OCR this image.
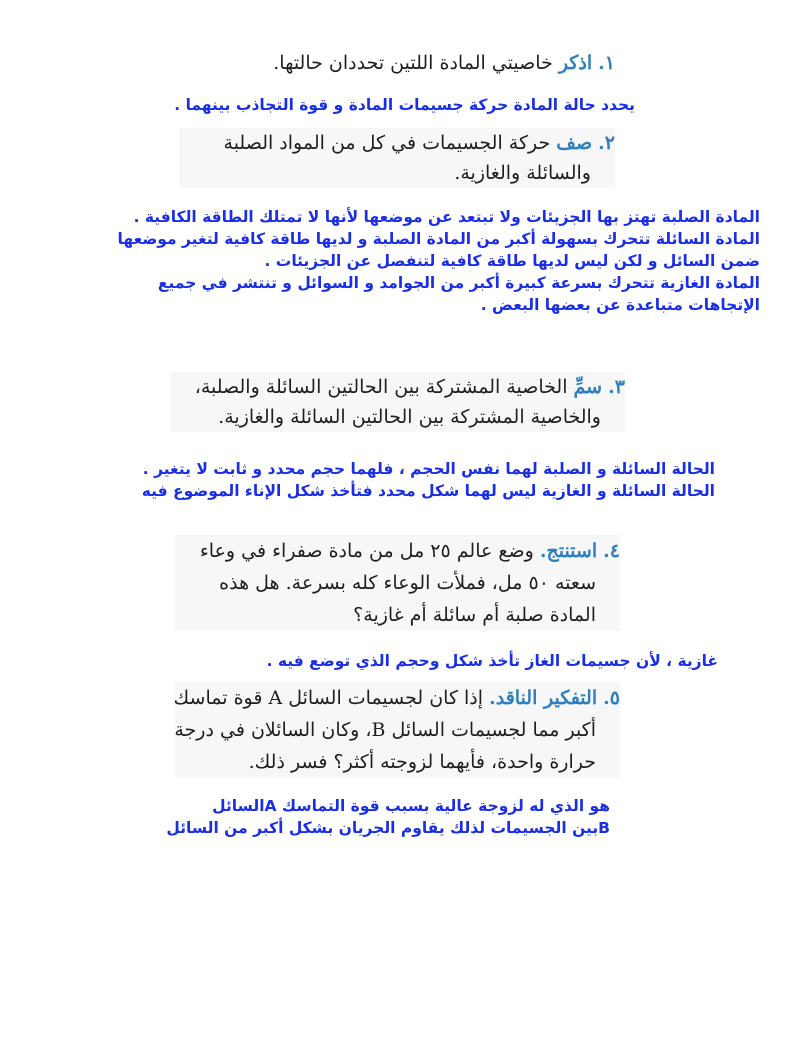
١. اذكر خاصيتي المادة اللتين تحددان حالتها.
يحدد حالة المادة حركة جسيمات المادة و قوة التجاذب بينهما .
٢. صف حركة الجسيمات في كل من المواد الصلبة
والسائلة والغازية.
المادة الصلبة تهتز بها الجزيئات ولا تبتعد عن موضعها لأنها لا تمتلك الطاقة الكافية .
المادة السائلة تتحرك بسهولة أكبر من المادة الصلبة و لديها طاقة كافية لتغير موضعها
ضمن السائل و لكن ليس لديها طاقة كافية لتنفصل عن الجزيئات .
المادة الغازية تتحرك بسرعة كبيرة أكبر من الجوامد و السوائل و تنتشر في جميع
الإتجاهات متباعدة عن بعضها البعض .
٣. سمِّ الخاصية المشتركة بين الحالتين السائلة والصلبة،
والخاصية المشتركة بين الحالتين السائلة والغازية.
الحالة السائلة و الصلبة لهما نفس الحجم ، فلهما حجم محدد و ثابت لا يتغير .
الحالة السائلة و الغازية ليس لهما شكل محدد فتأخذ شكل الإناء الموضوع فيه
٤. استنتج. وضع عالم ٢٥ مل من مادة صفراء في وعاء
سعته ٥٠ مل، فملأت الوعاء كله بسرعة. هل هذه
المادة صلبة أم سائلة أم غازية؟
غازية ، لأن جسيمات الغاز تأخذ شكل وحجم الذي توضع فيه .
٥. التفكير الناقد. إذا كان لجسيمات السائل A قوة تماسك
أكبر مما لجسيمات السائل B، وكان السائلان في درجة
حرارة واحدة، فأيهما لزوجته أكثر؟ فسر ذلك.
هو الذي له لزوجة عالية بسبب قوة التماسك Aالسائل
Bبين الجسيمات لذلك يقاوم الجريان بشكل أكبر من السائل
